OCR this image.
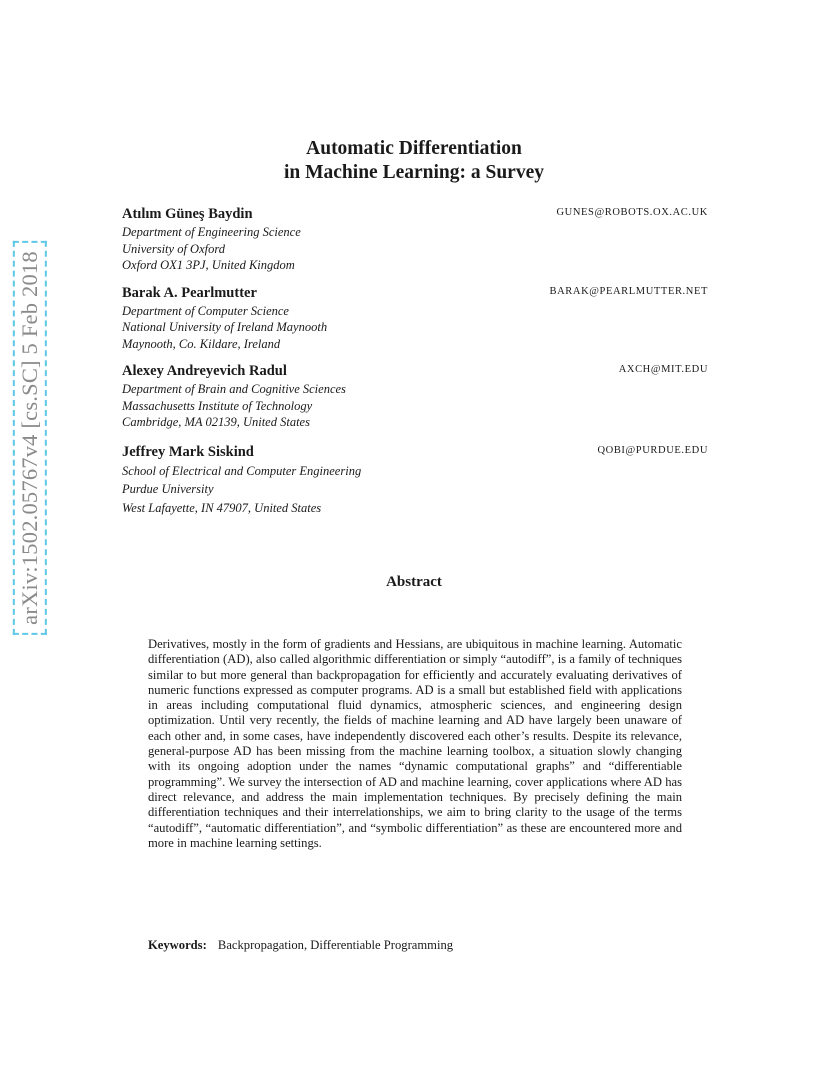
arXiv:1502.05767v4 [cs.SC] 5 Feb 2018
Automatic Differentiation
in Machine Learning: a Survey
Atılım Güneş Baydin	GUNES@ROBOTS.OX.AC.UK
Department of Engineering Science
University of Oxford
Oxford OX1 3PJ, United Kingdom
Barak A. Pearlmutter	BARAK@PEARLMUTTER.NET
Department of Computer Science
National University of Ireland Maynooth
Maynooth, Co. Kildare, Ireland
Alexey Andreyevich Radul	AXCH@MIT.EDU
Department of Brain and Cognitive Sciences
Massachusetts Institute of Technology
Cambridge, MA 02139, United States
Jeffrey Mark Siskind	QOBI@PURDUE.EDU
School of Electrical and Computer Engineering
Purdue University
West Lafayette, IN 47907, United States
Abstract

Derivatives, mostly in the form of gradients and Hessians, are ubiquitous in machine learning. Automatic differentiation (AD), also called algorithmic differentiation or simply “autodiff”, is a family of techniques similar to but more general than backpropagation for efficiently and accurately evaluating derivatives of numeric functions expressed as computer programs. AD is a small but established field with applications in areas including computational fluid dynamics, atmospheric sciences, and engineering design optimization. Until very recently, the fields of machine learning and AD have largely been unaware of each other and, in some cases, have independently discovered each other’s results. Despite its relevance, general-purpose AD has been missing from the machine learning toolbox, a situation slowly changing with its ongoing adoption under the names “dynamic computational graphs” and “differentiable programming”. We survey the intersection of AD and machine learning, cover applications where AD has direct relevance, and address the main implementation techniques. By precisely defining the main differentiation techniques and their interrelationships, we aim to bring clarity to the usage of the terms “autodiff”, “automatic differentiation”, and “symbolic differentiation” as these are encountered more and more in machine learning settings.

Keywords: Backpropagation, Differentiable Programming
